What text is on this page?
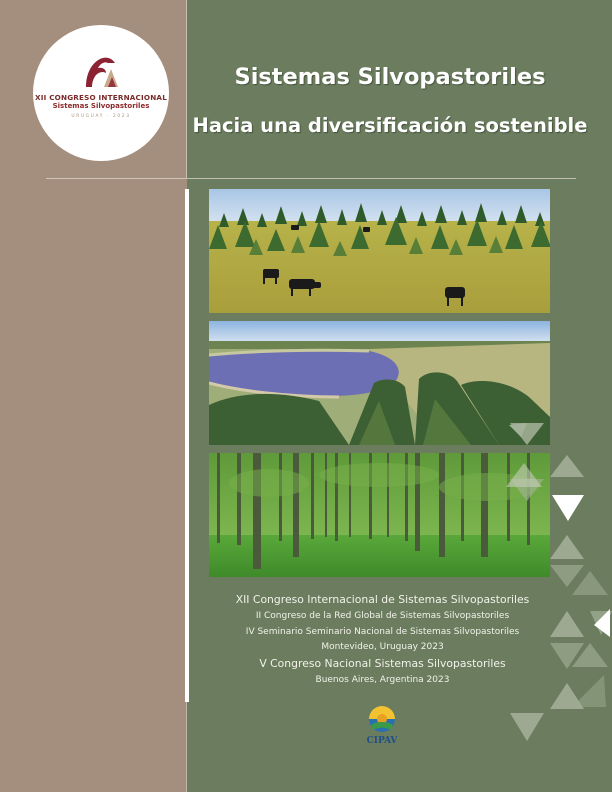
XII CONGRESO INTERNACIONAL
Sistemas Silvopastoriles
URUGUAY · 2023
Sistemas Silvopastoriles
Hacia una diversificación sostenible
XII Congreso Internacional de Sistemas Silvopastoriles
II Congreso de la Red Global de Sistemas Silvopastoriles
IV Seminario Seminario Nacional de Sistemas Silvopastoriles
Montevideo, Uruguay 2023
V Congreso Nacional Sistemas Silvopastoriles
Buenos Aires, Argentina 2023
CIPAV
